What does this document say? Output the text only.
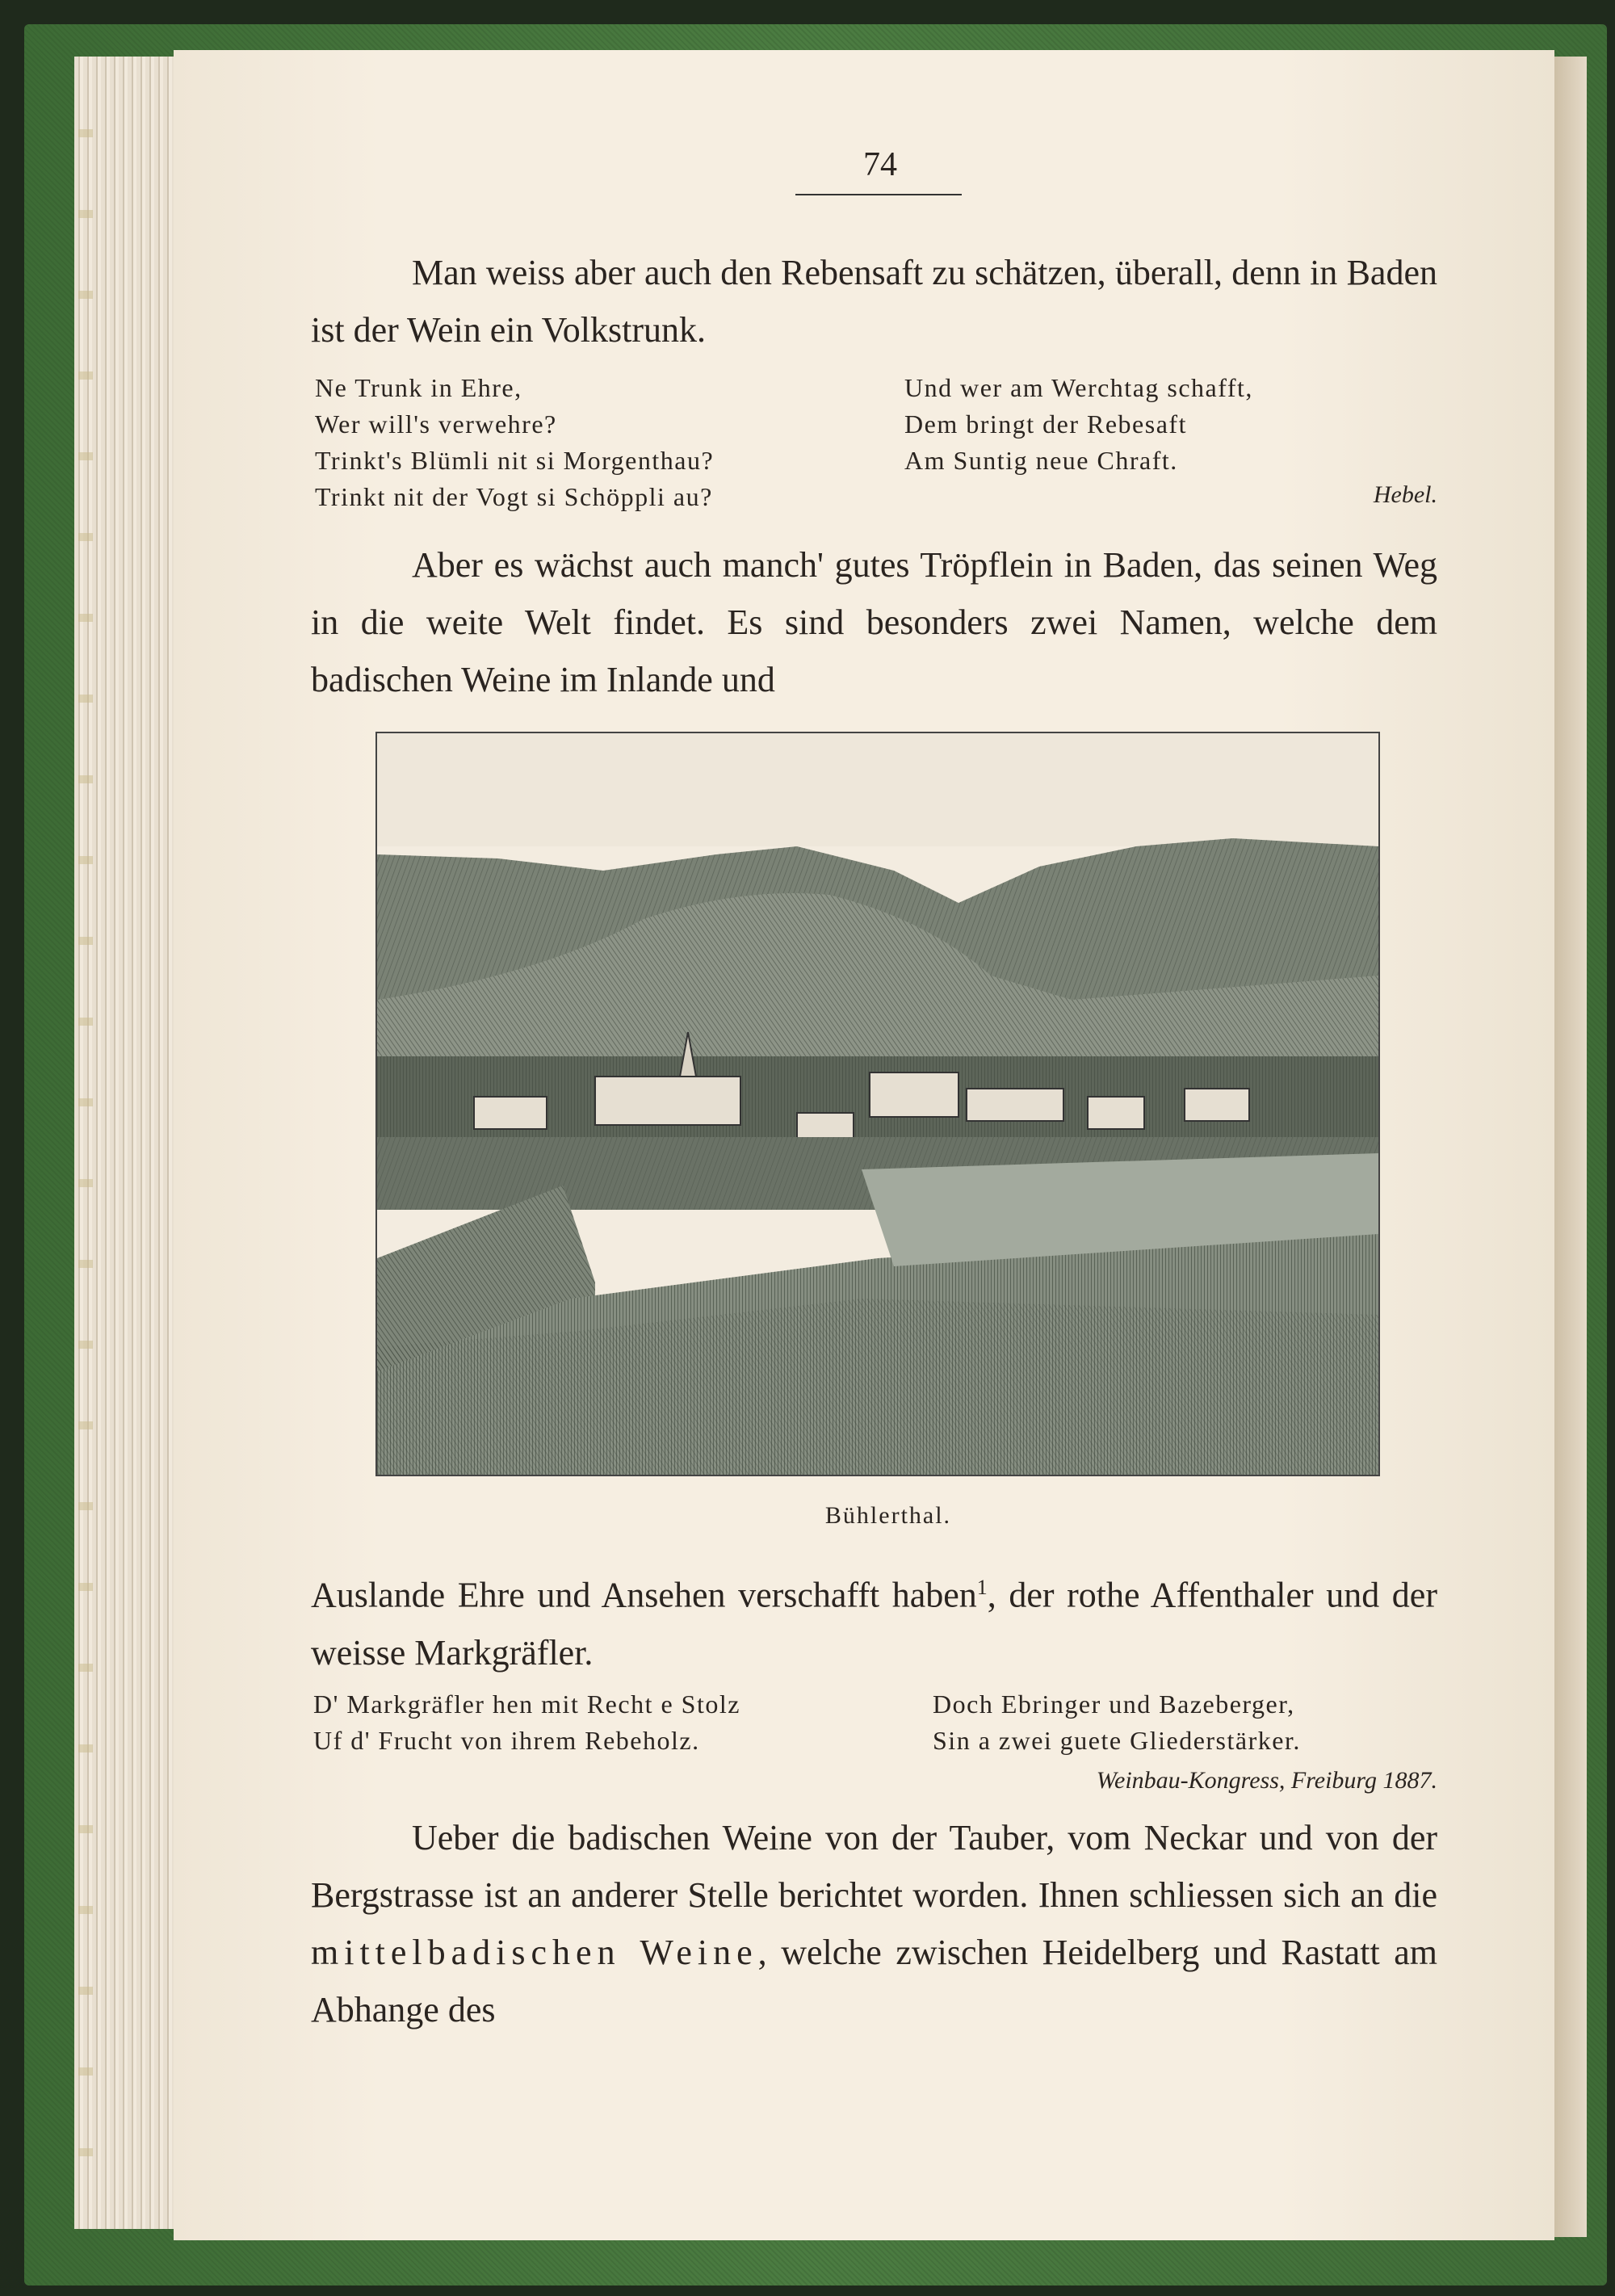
74
Man weiss aber auch den Rebensaft zu schätzen, überall, denn in Baden ist der Wein ein Volkstrunk.
Ne Trunk in Ehre,
Wer will's verwehre?
Trinkt's Blümli nit si Morgenthau?
Trinkt nit der Vogt si Schöppli au?
Und wer am Werchtag schafft,
Dem bringt der Rebesaft
Am Suntig neue Chraft.
Hebel.
Aber es wächst auch manch' gutes Tröpflein in Baden, das seinen Weg in die weite Welt findet. Es sind besonders zwei Namen, welche dem badischen Weine im Inlande und
Bühlerthal.
Auslande Ehre und Ansehen verschafft haben$^1$, der rothe Affenthaler und der weisse Markgräfler.
D' Markgräfler hen mit Recht e Stolz
Uf d' Frucht von ihrem Rebeholz.
Doch Ebringer und Bazeberger,
Sin a zwei guete Gliederstärker.
Weinbau-Kongress, Freiburg 1887.
Ueber die badischen Weine von der Tauber, vom Neckar und von der Bergstrasse ist an anderer Stelle berichtet worden. Ihnen schliessen sich an die mittelbadischen Weine, welche zwischen Heidelberg und Rastatt am Abhange des
